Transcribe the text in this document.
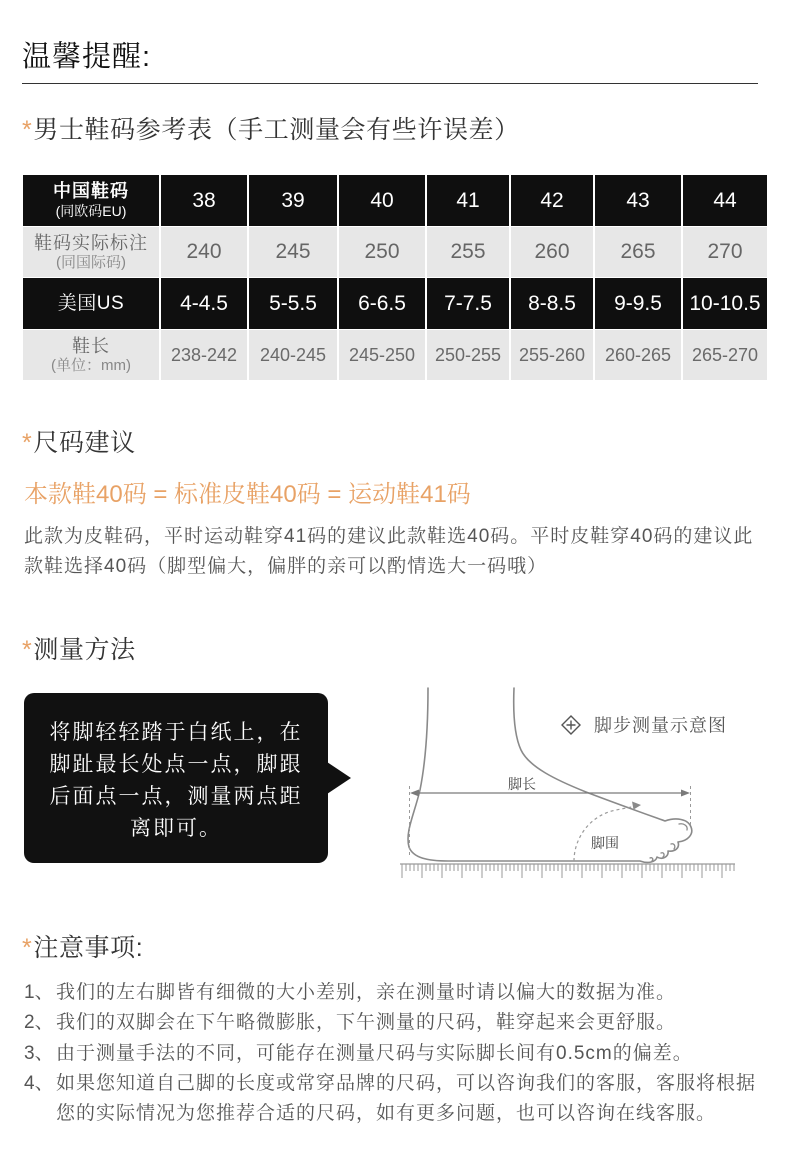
温馨提醒:
*男士鞋码参考表（手工测量会有些许误差）
中国鞋码
(同欧码EU)	38	39	40	41	42	43	44
鞋码实际标注
(同国际码)	240	245	250	255	260	265	270
美国US	4-4.5	5-5.5	6-6.5	7-7.5	8-8.5	9-9.5	10-10.5
鞋长
(单位：mm)
238-242	240-245	245-250	250-255 255-260	260-265	265-270
*尺码建议
本款鞋40码 = 标准皮鞋40码 = 运动鞋41码
此款为皮鞋码，平时运动鞋穿41码的建议此款鞋选40码。平时皮鞋穿40码的建议此
款鞋选择40码（脚型偏大，偏胖的亲可以酌情选大一码哦）
*测量方法
将脚轻轻踏于白纸上，在
脚趾最长处点一点，脚跟
后面点一点，测量两点距
离即可。
脚步测量示意图
脚长
脚围
*注意事项:
1、 我们的左右脚皆有细微的大小差别，亲在测量时请以偏大的数据为准。
2、 我们的双脚会在下午略微膨胀，下午测量的尺码，鞋穿起来会更舒服。
3、 由于测量手法的不同，可能存在测量尺码与实际脚长间有0.5cm的偏差。
4、 如果您知道自己脚的长度或常穿品牌的尺码，可以咨询我们的客服，客服将根据
您的实际情况为您推荐合适的尺码，如有更多问题，也可以咨询在线客服。
